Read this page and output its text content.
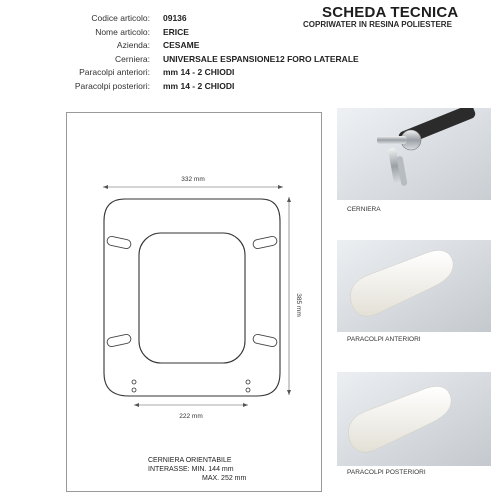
SCHEDA TECNICA
COPRIWATER IN RESINA POLIESTERE
Codice articolo: 09136
Nome articolo: ERICE
Azienda: CESAME
Cerniera: UNIVERSALE ESPANSIONE12 FORO LATERALE
Paracolpi anteriori: mm 14 - 2 CHIODI
Paracolpi posteriori: mm 14 - 2 CHIODI
332 mm
385 mm
222 mm
CERNIERA ORIENTABILE
INTERASSE: MIN. 144 mm
MAX. 252 mm
CERNIERA
PARACOLPI ANTERIORI
PARACOLPI POSTERIORI
